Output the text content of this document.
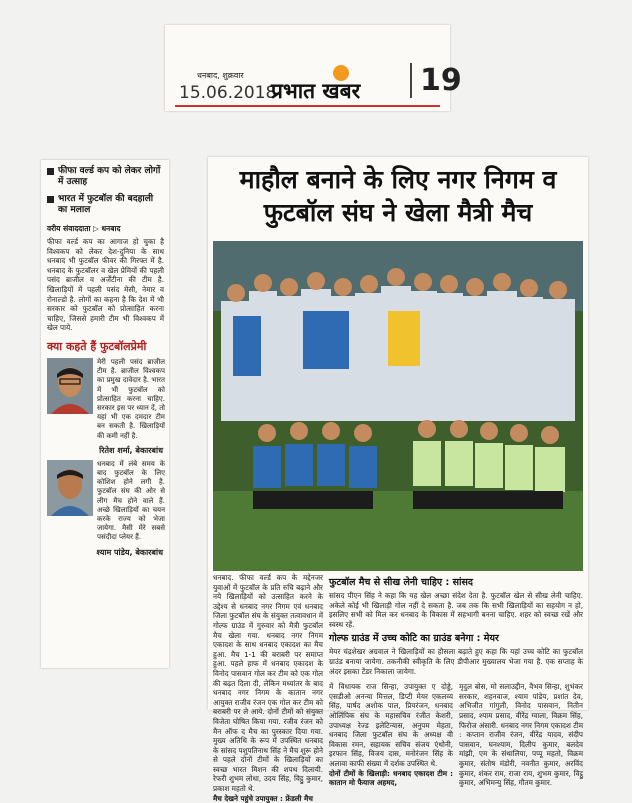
धनबाद, शुक्रवार
15.06.2018
प्रभात खबर	19
फीफा वर्ल्ड कप को लेकर लोगों में उत्साह
भारत में फुटबॉल की बदहाली का मलाल
वरीय संवाददाता ▷ धनबाद

फीफा वर्ल्ड कप का आगाज हो चुका है विश्वकप को लेकर देश-दुनिया के साथ धनबाद भी फुटबॉल फीवर की गिरफ्त में है. धनबाद के फुटबॉलर व खेल प्रेमियों की पहली पसंद ब्राजील व अर्जेंटीना की टीम है. खिलाड़ियों में पहली पसंद मेसी, नेमार व रोनाल्डो है. लोगों का कहना है कि देश में भी सरकार को फुटबॉल को प्रोत्साहित करना चाहिए, जिससे हमारी टीम भी विश्वकप में खेल पाये.

क्या कहते हैं फुटबॉलप्रेमी

मेरी पहली पसंद ब्राजील टीम है. ब्राजील विश्वकप का प्रमुख दावेदार है. भारत में भी फुटबॉल को प्रोत्साहित करना चाहिए. सरकार इस पर ध्यान दें, तो यहां भी एक दमदार टीम बन सकती है. खिलाड़ियों की कमी नहीं है.

रितेश शर्मा, बेकारबांध

धनबाद में लंबे समय के बाद फुटबॉल के लिए कोशिश होने लगी है. फुटबॉल संघ की ओर से लीग मैच होने वाले हैं. अच्छे खिलाड़ियों का चयन करके राज्य को भेजा जायेगा. मैसी मेरे सबसे पसंदीदा प्लेयर हैं.

श्याम पांडेय, बेकारबांध
माहौल बनाने के लिए नगर निगम व फुटबॉल संघ ने खेला मैत्री मैच

धनबाद. फीफा वर्ल्ड कप के मद्देनजर युवाओं में फुटबॉल के प्रति रुचि बढ़ाने और नये खिलाड़ियों को उत्साहित करने के उद्देश्य से धनबाद नगर निगम एवं धनबाद जिला फुटबॉल संघ के संयुक्त तत्वावधान में गोल्फ ग्राउंड में गुरुवार को मैत्री फुटबॉल मैच खेला गया. धनबाद नगर निगम एकादश के साथ धनबाद एकादश का मैच हुआ. मैच 1-1 की बराबरी पर समाप्त हुआ. पहले हाफ में धनबाद एकादश के विनोद पासवान गोल कर टीम को एक गोल की बढ़त दिला दी, लेकिन मध्यांतर के बाद धनबाद नगर निगम के कातान नगर आयुक्त राजीव रंजन एक गोल कर टीम को बराबरी पर ले आये. दोनों टीमों को संयुक्त विजेता घोषित किया गया. रजीव रंजन को मैन ऑफ द मैच का पुरस्कार दिया गया. मुख्य अतिथि के रूप में उपस्थित धनबाद के सांसद पशुपतिनाथ सिंह ने मैच शुरू होने से पहले दोनों टीमों के खिलाड़ियों का स्वच्छ भारत मिशन की शपथ दिलायी. रेफरी शुभम लोधा, उदय सिंह, विट्ठु कुमार, प्रकाश महतो थे.

मैच देखने पहुंचे उपायुक्त : फ्रेंडली मैच

फुटबॉल मैच से सीख लेनी चाहिए : सांसद

सांसद पीएन सिंह ने कहा कि यह खेल अच्छा संदेश देता है. फुटबॉल खेल से सीख लेनी चाहिए. अकेले कोई भी खिलाड़ी गोल नहीं दे सकता है. जब तक कि सभी खिलाड़ियों का सहयोग न हो, इसलिए सभी को मिल कर धनबाद के विकास में सहभागी बनना चाहिए. शहर को स्वच्छ रखें और स्वस्थ रहें.

गोल्फ ग्राउंड में उच्च कोटि का ग्राउंड बनेगा : मेयर

मेयर चंद्रशेखर अग्रवाल ने खिलाड़ियों का हौसला बढ़ाते हुए कहा कि यहां उच्च कोटि का फुटबॉल ग्राउंड बनाया जायेगा. तकनीकी स्वीकृति के लिए डीपीआर मुख्यालय भेजा गया है. एक सप्ताह के अंदर इसका टेंडर निकाला जायेगा.

में विधायक राज सिन्हा, उपायुक्त ए दोड्डे, एसडीओ अनन्या मित्तल, डिप्टी मेयर एकलव्य सिंह, पार्षद अशोक पाल, प्रियरंजन, धनबाद ओलिंपिक संघ के महासचिव रंजीत केशरी, उपाध्यक्ष रेज्ड इलेटिन्यास, अनुपम मेहता, धनबाद जिला फुटबॉल संघ के अध्यक्ष वी विकास रमन, सहायक सचिव संजय एंथोनी, इरफान सिंह, विजय दास, मनोरंजन सिंह के अलावा काफी संख्या में दर्शक उपस्थित थे.

दोनों टीमों के खिलाड़ी: धनबाद एकादश टीम : कातान मो फैयाज अहमद,

मृदुल बोस, मो सलाउद्दीन, वैभव सिन्हा, शुभंकर सरकार, शहनवाज, श्याम पांडेय, प्रशांत देव, अभिजीत गांगुली, विनोद पासवान, नितीन प्रसाद, श्याम प्रसाद, वीरेंद्र ग्वाला, विक्रम सिंह, फिरोज अंसारी. धनबाद नगर निगम एकादश टीम : कप्तान राजीव रंजन, वीरेंद्र यादव, संदीप पासवान, घनश्याम, दिलीप कुमार, बलदेव मांझी, एम के संथालिया, पप्पू महतो, विक्रम कुमार, संतोष मंडोरी, नवनीत कुमार, अरविंद कुमार, शंकर राम, राजा राय, शुभम कुमार, विट्ठु कुमार, अभिमन्यु सिंह, गौतम कुमार.
